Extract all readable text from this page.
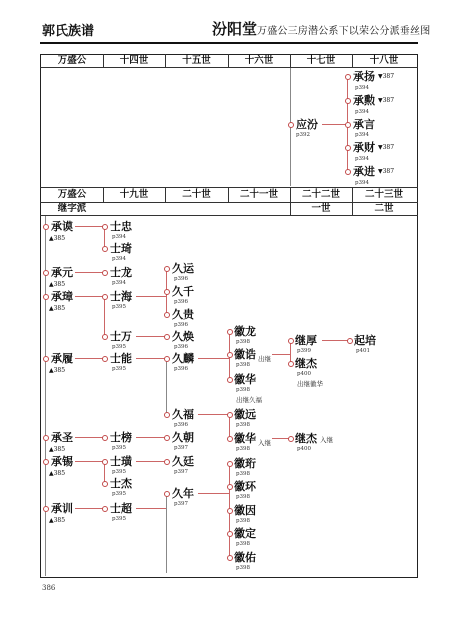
郭氏族谱	汾阳堂 万盛公三房潜公系下以荣公分派垂丝图
万盛公	十四世	十五世	十六世	十七世	十八世
应汾
p392
承扬 ▼387
p394
承勲 ▼387
p394
承言
p394
承财 ▼387
p394
承进 ▼387
p394
万盛公	十九世	二十世	二十一世	二十二世	二十三世
继字派	一世	二世
承谟
▲385
承元
▲385
承璋
▲385
承履
▲385
承圣
▲385
承锡
▲385
承训
▲385
士忠
p394
士琦
p394
士龙
p394
士海
p395
士万
p395
士能
p395
士榜
p395
士璜
p395
士杰
p395
士超
p395
久运
p396
久千
p396
久贵
p396
久焕
p396
久麟
p396
久福
p396
久朝
p397
久廷
p397
久年
p397
徽龙
p398
徽诰 出继
p398
徽华
p398
出继久福
徽远
p398
徽华 入继
p398
徽珩
p398
徽环
p398
徽因
p398
徽定
p398
徽佑
p398
继厚
p399
继杰
p400
出继徽华
继杰 入继
p400
起培
p401
386
